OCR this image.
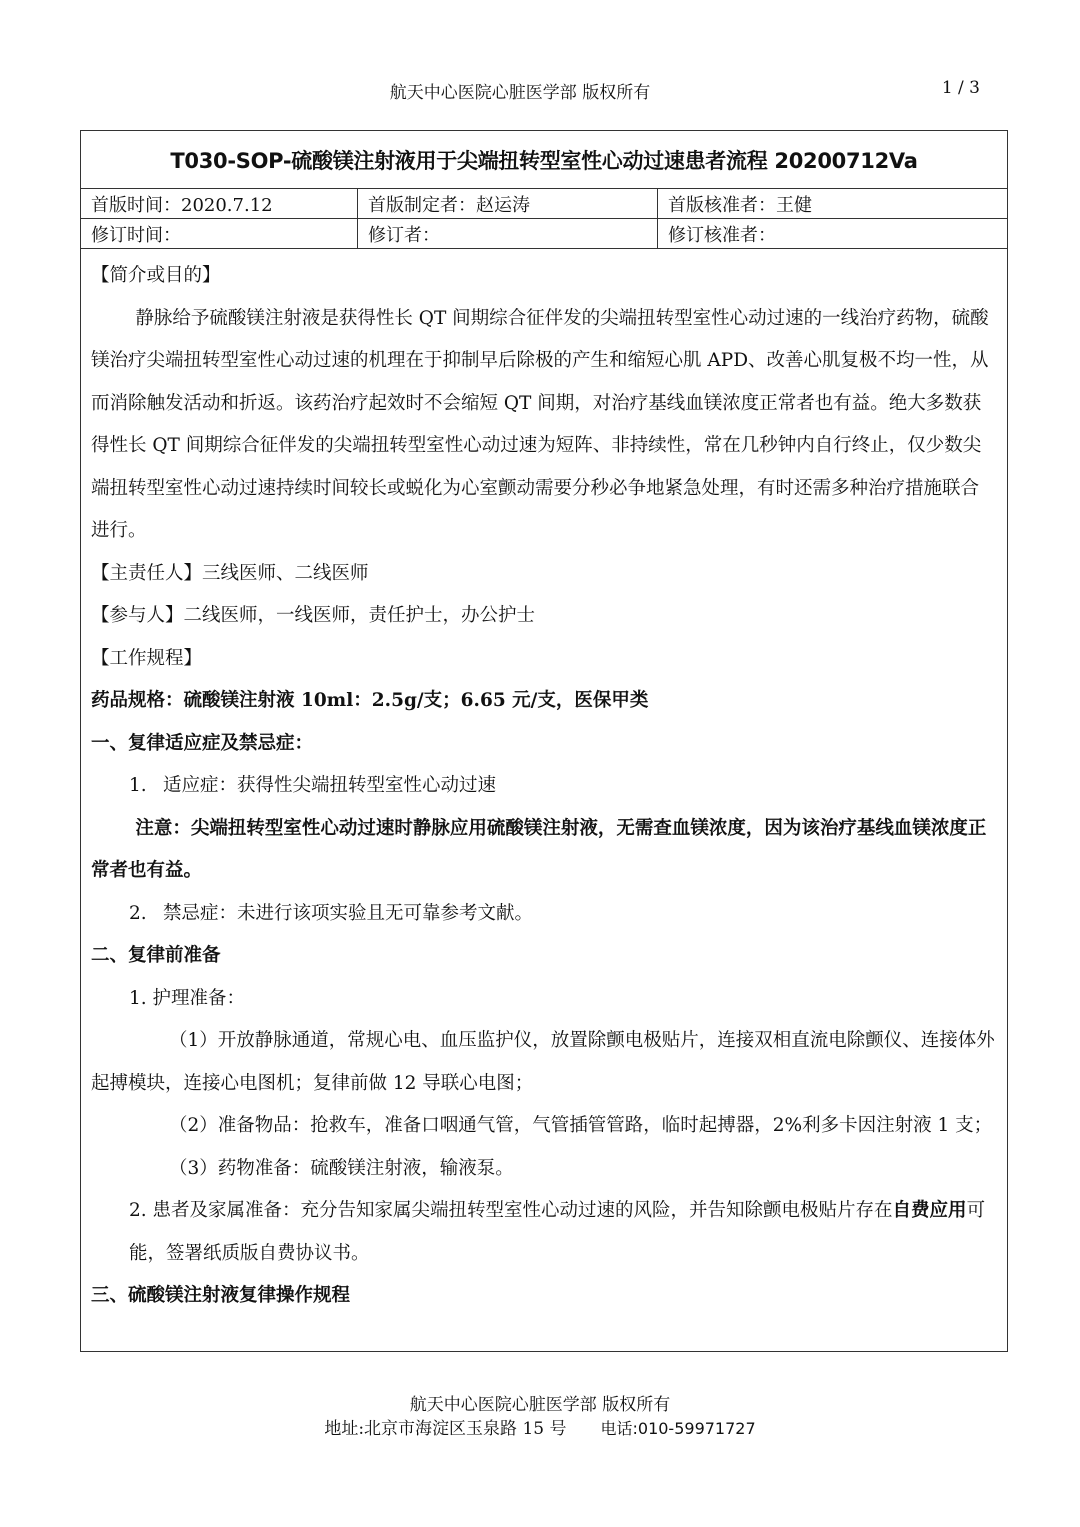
航天中心医院心脏医学部 版权所有	1 / 3
T030-SOP-硫酸镁注射液用于尖端扭转型室性心动过速患者流程 20200712Va
首版时间：2020.7.12	首版制定者：赵运涛	首版核准者：王健
修订时间：	修订者：	修订核准者：

【简介或目的】

静脉给予硫酸镁注射液是获得性长 QT 间期综合征伴发的尖端扭转型室性心动过速的一线治疗药物，硫酸镁治疗尖端扭转型室性心动过速的机理在于抑制早后除极的产生和缩短心肌 APD、改善心肌复极不均一性，从而消除触发活动和折返。该药治疗起效时不会缩短 QT 间期，对治疗基线血镁浓度正常者也有益。绝大多数获得性长 QT 间期综合征伴发的尖端扭转型室性心动过速为短阵、非持续性，常在几秒钟内自行终止，仅少数尖端扭转型室性心动过速持续时间较长或蜕化为心室颤动需要分秒必争地紧急处理，有时还需多种治疗措施联合进行。

【主责任人】三线医师、二线医师

【参与人】二线医师，一线医师，责任护士，办公护士

【工作规程】

药品规格：硫酸镁注射液 10ml：2.5g/支；6.65 元/支，医保甲类

一、复律适应症及禁忌症：

1. 适应症：获得性尖端扭转型室性心动过速

注意：尖端扭转型室性心动过速时静脉应用硫酸镁注射液，无需查血镁浓度，因为该治疗基线血镁浓度正常者也有益。

2. 禁忌症：未进行该项实验且无可靠参考文献。

二、复律前准备

1. 护理准备：

（1）开放静脉通道，常规心电、血压监护仪，放置除颤电极贴片，连接双相直流电除颤仪、连接体外起搏模块，连接心电图机；复律前做 12 导联心电图；

（2）准备物品：抢救车，准备口咽通气管，气管插管管路，临时起搏器，2%利多卡因注射液 1 支；

（3）药物准备：硫酸镁注射液，输液泵。

2. 患者及家属准备：充分告知家属尖端扭转型室性心动过速的风险，并告知除颤电极贴片存在自费应用可能，签署纸质版自费协议书。

三、硫酸镁注射液复律操作规程

航天中心医院心脏医学部 版权所有
地址:北京市海淀区玉泉路 15 号 电话:010-59971727
